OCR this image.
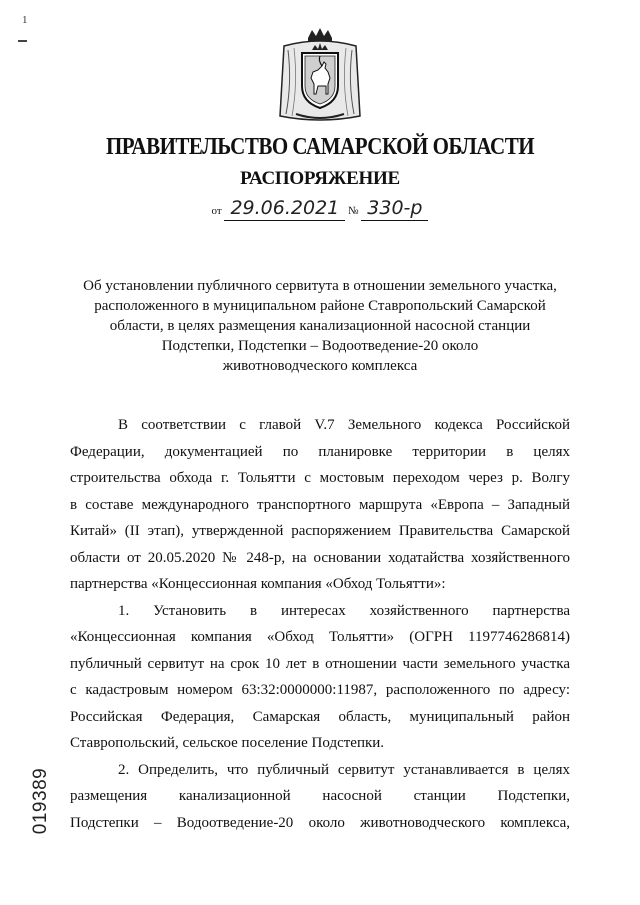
1
ПРАВИТЕЛЬСТВО САМАРСКОЙ ОБЛАСТИ
РАСПОРЯЖЕНИЕ
от 29.06.2021 № 330-р
Об установлении публичного сервитута в отношении земельного участка,
расположенного в муниципальном районе Ставропольский Самарской
области, в целях размещения канализационной насосной станции
Подстепки, Подстепки – Водоотведение-20 около
животноводческого комплекса
В соответствии с главой V.7 Земельного кодекса Российской
Федерации, документацией по планировке территории в целях
строительства обхода г. Тольятти с мостовым переходом через р. Волгу
в составе международного транспортного маршрута «Европа – Западный
Китай» (II этап), утвержденной распоряжением Правительства Самарской
области от 20.05.2020 № 248-р, на основании ходатайства хозяйственного
партнерства «Концессионная компания «Обход Тольятти»:
1. Установить в интересах хозяйственного партнерства
«Концессионная компания «Обход Тольятти» (ОГРН 1197746286814)
публичный сервитут на срок 10 лет в отношении части земельного участка
с кадастровым номером 63:32:0000000:11987, расположенного по адресу:
Российская Федерация, Самарская область, муниципальный район
Ставропольский, сельское поселение Подстепки.
2. Определить, что публичный сервитут устанавливается в целях
размещения канализационной насосной станции Подстепки,
Подстепки – Водоотведение-20 около животноводческого комплекса,
019389
